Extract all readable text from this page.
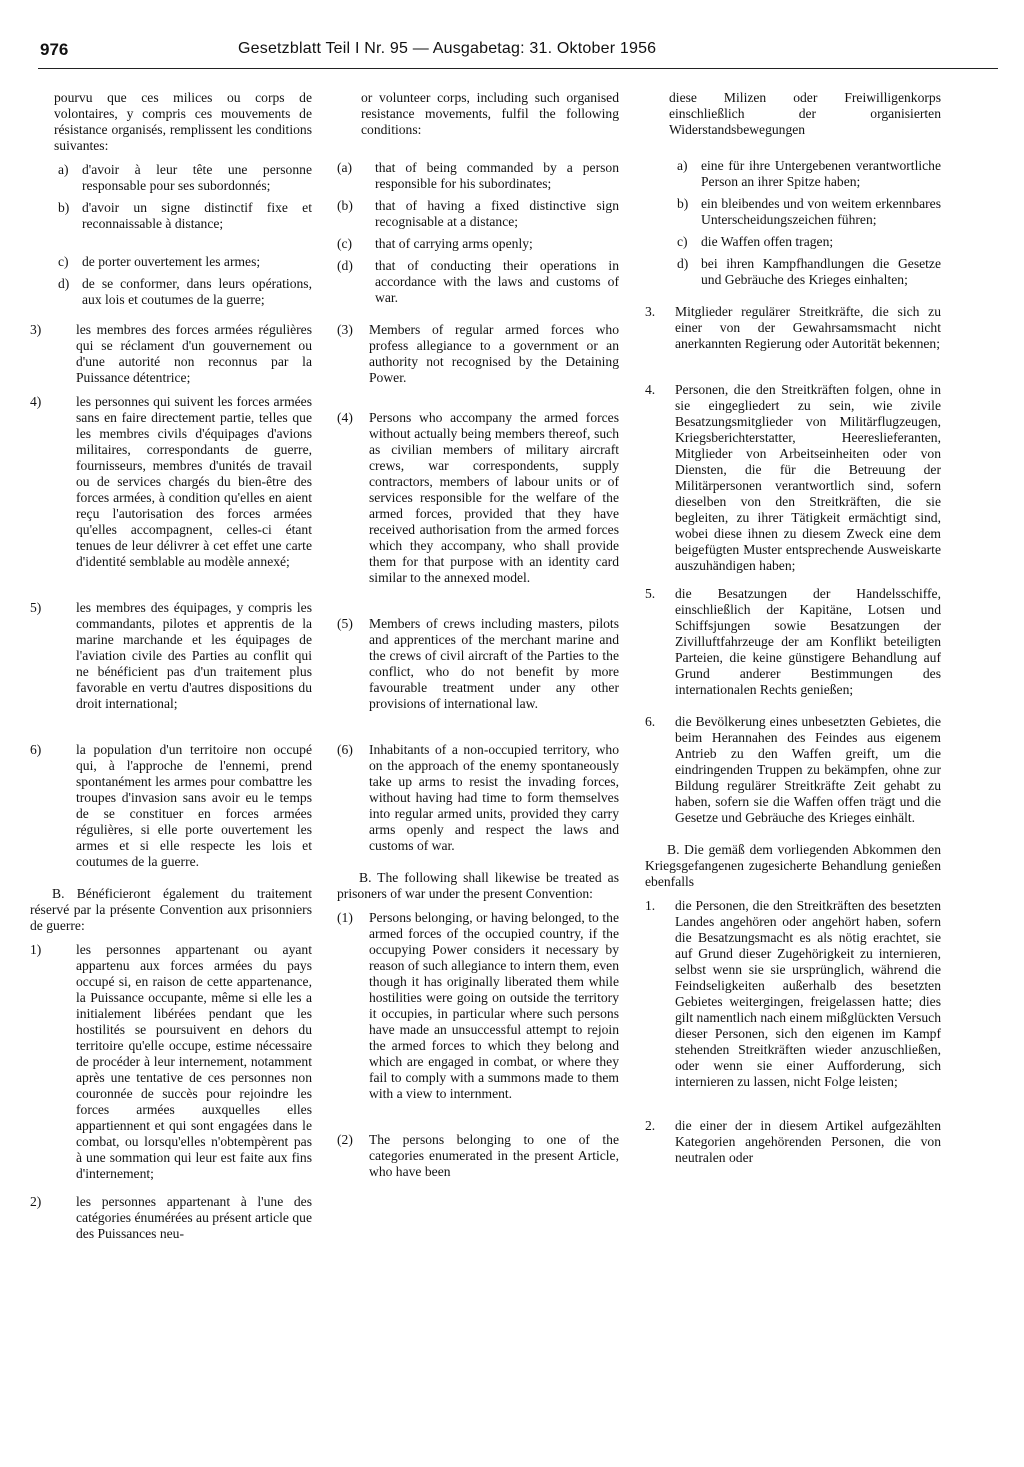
976	Gesetzblatt Teil I Nr. 95 — Ausgabetag: 31. Oktober 1956

pourvu que ces milices ou corps de volontaires, y compris ces mouvements de résistance organisés, remplissent les conditions suivantes:

a) d'avoir à leur tête une personne responsable pour ses subordonnés;
b) d'avoir un signe distinctif fixe et reconnaissable à distance;
c) de porter ouvertement les armes;
d) de se conformer, dans leurs opérations, aux lois et coutumes de la guerre;
3)	les membres des forces armées régulières qui se réclament d'un gouvernement ou d'une autorité non reconnus par la Puissance détentrice;
4)	les personnes qui suivent les forces armées sans en faire directement partie, telles que les membres civils d'équipages d'avions militaires, correspondants de guerre, fournisseurs, membres d'unités de travail ou de services chargés du bien-être des forces armées, à condition qu'elles en aient reçu l'autorisation des forces armées qu'elles accompagnent, celles-ci étant tenues de leur délivrer à cet effet une carte d'identité semblable au modèle annexé;
5)	les membres des équipages, y compris les commandants, pilotes et apprentis de la marine marchande et les équipages de l'aviation civile des Parties au conflit qui ne bénéficient pas d'un traitement plus favorable en vertu d'autres dispositions du droit international;
6)	la population d'un territoire non occupé qui, à l'approche de l'ennemi, prend spontanément les armes pour combattre les troupes d'invasion sans avoir eu le temps de se constituer en forces armées régulières, si elle porte ouvertement les armes et si elle respecte les lois et coutumes de la guerre.

B. Bénéficieront également du traitement réservé par la présente Convention aux prisonniers de guerre:

1)	les personnes appartenant ou ayant appartenu aux forces armées du pays occupé si, en raison de cette appartenance, la Puissance occupante, même si elle les a initialement libérées pendant que les hostilités se poursuivent en dehors du territoire qu'elle occupe, estime nécessaire de procéder à leur internement, notamment après une tentative de ces personnes non couronnée de succès pour rejoindre les forces armées auxquelles elles appartiennent et qui sont engagées dans le combat, ou lorsqu'elles n'obtempèrent pas à une sommation qui leur est faite aux fins d'internement;
2)	les personnes appartenant à l'une des catégories énumérées au présent article que des Puissances neu-

or volunteer corps, including such organised resistance movements, fulfil the following conditions:

(a) that of being commanded by a person responsible for his subordinates;
(b) that of having a fixed distinctive sign recognisable at a distance;
(c) that of carrying arms openly;
(d) that of conducting their operations in accordance with the laws and customs of war.
(3) Members of regular armed forces who profess allegiance to a government or an authority not recognised by the Detaining Power.
(4) Persons who accompany the armed forces without actually being members thereof, such as civilian members of military aircraft crews, war correspondents, supply contractors, members of labour units or of services responsible for the welfare of the armed forces, provided that they have received authorisation from the armed forces which they accompany, who shall provide them for that purpose with an identity card similar to the annexed model.
(5) Members of crews including masters, pilots and apprentices of the merchant marine and the crews of civil aircraft of the Parties to the conflict, who do not benefit by more favourable treatment under any other provisions of international law.
(6) Inhabitants of a non-occupied territory, who on the approach of the enemy spontaneously take up arms to resist the invading forces, without having had time to form themselves into regular armed units, provided they carry arms openly and respect the laws and customs of war.

B. The following shall likewise be treated as prisoners of war under the present Convention:

(1) Persons belonging, or having belonged, to the armed forces of the occupied country, if the occupying Power considers it necessary by reason of such allegiance to intern them, even though it has originally liberated them while hostilities were going on outside the territory it occupies, in particular where such persons have made an unsuccessful attempt to rejoin the armed forces to which they belong and which are engaged in combat, or where they fail to comply with a summons made to them with a view to internment.
(2) The persons belonging to one of the categories enumerated in the present Article, who have been

diese Milizen oder Freiwilligenkorps einschließlich der organisierten Widerstandsbewegungen

a) eine für ihre Untergebenen verantwortliche Person an ihrer Spitze haben;
b) ein bleibendes und von weitem erkennbares Unterscheidungszeichen führen;
c) die Waffen offen tragen;
d) bei ihren Kampfhandlungen die Gesetze und Gebräuche des Krieges einhalten;
3. Mitglieder regulärer Streitkräfte, die sich zu einer von der Gewahrsamsmacht nicht anerkannten Regierung oder Autorität bekennen;
4. Personen, die den Streitkräften folgen, ohne in sie eingegliedert zu sein, wie zivile Besatzungsmitglieder von Militärflugzeugen, Kriegsberichterstatter, Heereslieferanten, Mitglieder von Arbeitseinheiten oder von Diensten, die für die Betreuung der Militärpersonen verantwortlich sind, sofern dieselben von den Streitkräften, die sie begleiten, zu ihrer Tätigkeit ermächtigt sind, wobei diese ihnen zu diesem Zweck eine dem beigefügten Muster entsprechende Ausweiskarte auszuhändigen haben;
5. die Besatzungen der Handelsschiffe, einschließlich der Kapitäne, Lotsen und Schiffsjungen sowie Besatzungen der Zivilluftfahrzeuge der am Konflikt beteiligten Parteien, die keine günstigere Behandlung auf Grund anderer Bestimmungen des internationalen Rechts genießen;
6. die Bevölkerung eines unbesetzten Gebietes, die beim Herannahen des Feindes aus eigenem Antrieb zu den Waffen greift, um die eindringenden Truppen zu bekämpfen, ohne zur Bildung regulärer Streitkräfte Zeit gehabt zu haben, sofern sie die Waffen offen trägt und die Gesetze und Gebräuche des Krieges einhält.

B. Die gemäß dem vorliegenden Abkommen den Kriegsgefangenen zugesicherte Behandlung genießen ebenfalls

1. die Personen, die den Streitkräften des besetzten Landes angehören oder angehört haben, sofern die Besatzungsmacht es als nötig erachtet, sie auf Grund dieser Zugehörigkeit zu internieren, selbst wenn sie sie ursprünglich, während die Feindseligkeiten außerhalb des besetzten Gebietes weitergingen, freigelassen hatte; dies gilt namentlich nach einem mißglückten Versuch dieser Personen, sich den eigenen im Kampf stehenden Streitkräften wieder anzuschließen, oder wenn sie einer Aufforderung, sich internieren zu lassen, nicht Folge leisten;
2. die einer der in diesem Artikel aufgezählten Kategorien angehörenden Personen, die von neutralen oder
